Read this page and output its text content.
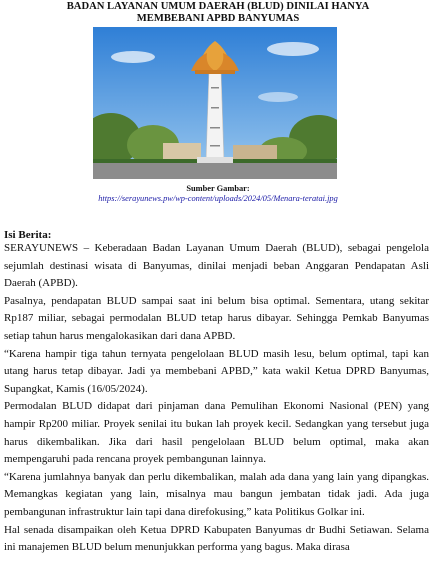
BADAN LAYANAN UMUM DAERAH (BLUD) DINILAI HANYA
MEMBEBANI APBD BANYUMAS
Sumber Gambar:
https://serayunews.pw/wp-content/uploads/2024/05/Menara-teratai.jpg
Isi Berita:

SERAYUNEWS – Keberadaan Badan Layanan Umum Daerah (BLUD), sebagai pengelola sejumlah destinasi wisata di Banyumas, dinilai menjadi beban Anggaran Pendapatan Asli Daerah (APBD).

Pasalnya, pendapatan BLUD sampai saat ini belum bisa optimal. Sementara, utang sekitar Rp187 miliar, sebagai permodalan BLUD tetap harus dibayar. Sehingga Pemkab Banyumas setiap tahun harus mengalokasikan dari dana APBD.

“Karena hampir tiga tahun ternyata pengelolaan BLUD masih lesu, belum optimal, tapi kan utang harus tetap dibayar. Jadi ya membebani APBD,” kata wakil Ketua DPRD Banyumas, Supangkat, Kamis (16/05/2024).

Permodalan BLUD didapat dari pinjaman dana Pemulihan Ekonomi Nasional (PEN) yang hampir Rp200 miliar. Proyek senilai itu bukan lah proyek kecil. Sedangkan yang tersebut juga harus dikembalikan. Jika dari hasil pengelolaan BLUD belum optimal, maka akan mempengaruhi pada rencana proyek pembangunan lainnya.

“Karena jumlahnya banyak dan perlu dikembalikan, malah ada dana yang lain yang dipangkas. Memangkas kegiatan yang lain, misalnya mau bangun jembatan tidak jadi. Ada juga pembangunan infrastruktur lain tapi dana direfokusing,” kata Politikus Golkar ini.

Hal senada disampaikan oleh Ketua DPRD Kabupaten Banyumas dr Budhi Setiawan. Selama ini manajemen BLUD belum menunjukkan performa yang bagus. Maka dirasa
